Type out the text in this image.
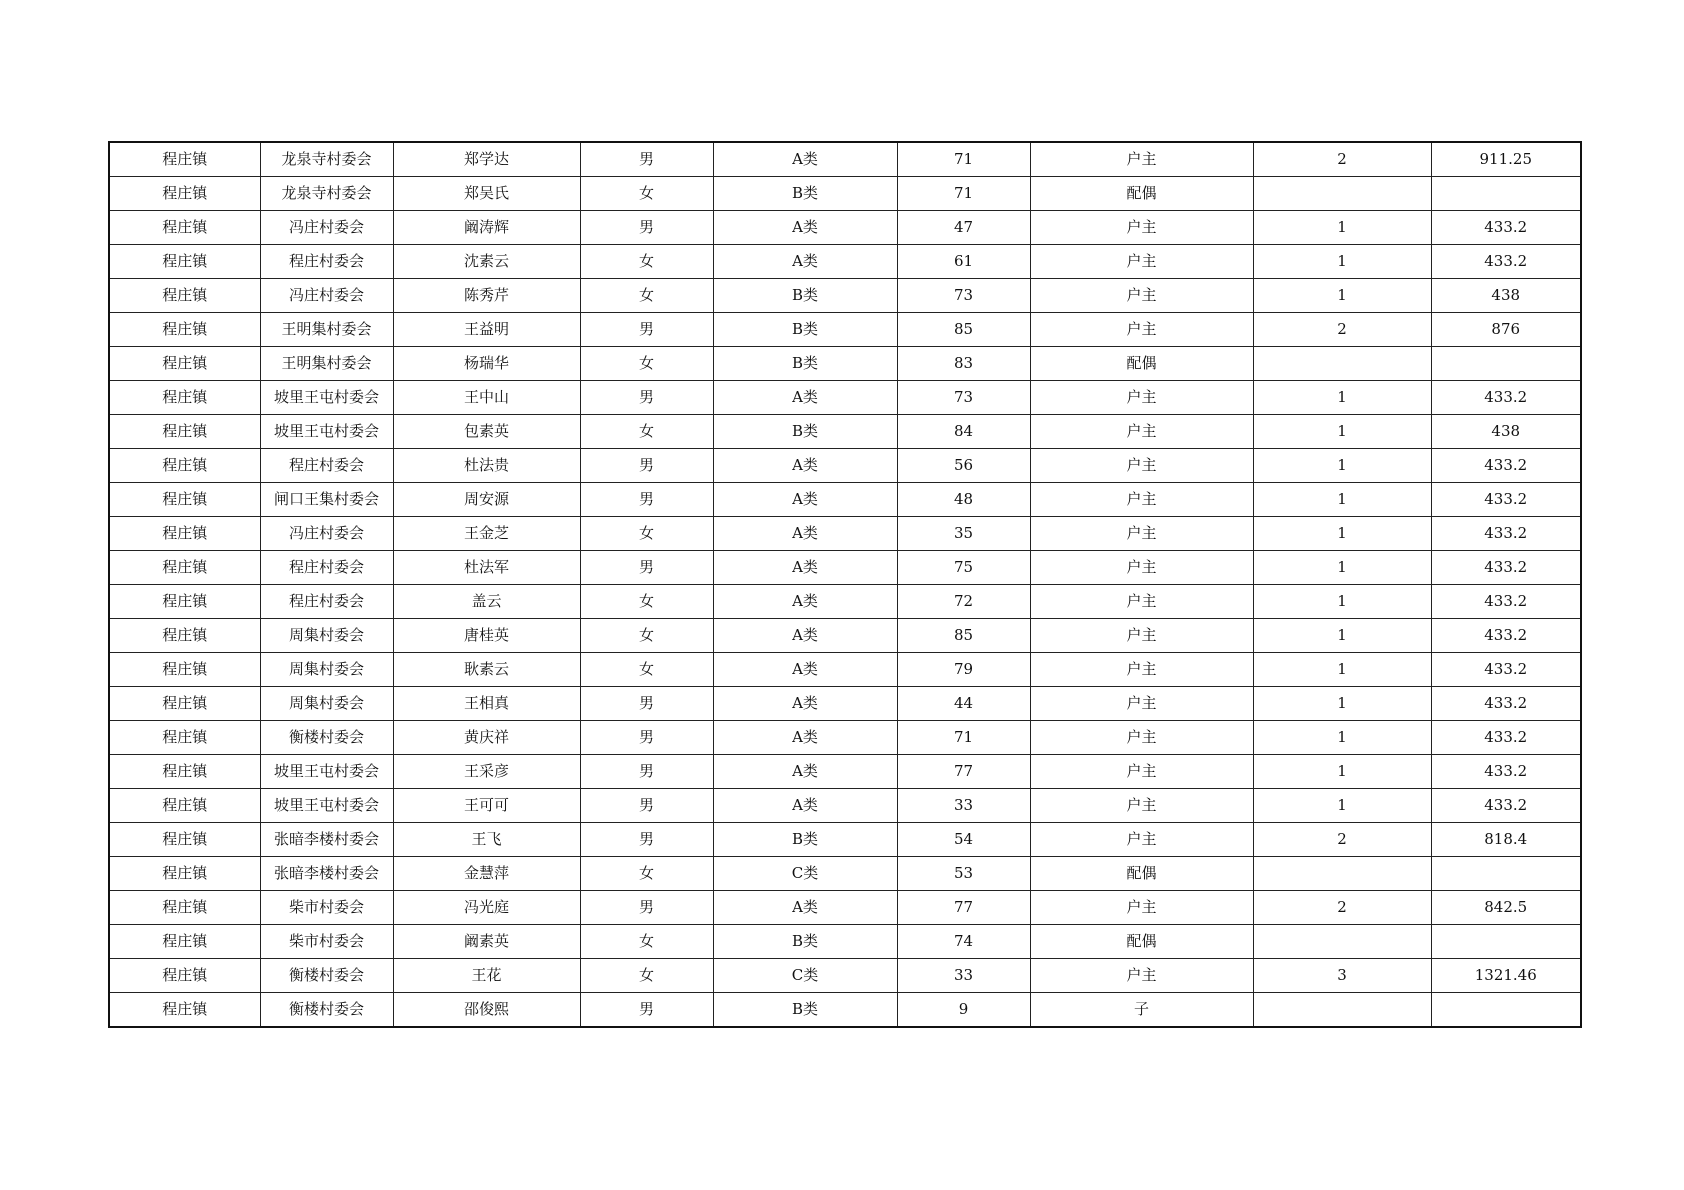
程庄镇	龙泉寺村委会	郑学达	男	A类	71	户主	2	911.25
程庄镇	龙泉寺村委会	郑吴氏	女	B类	71	配偶		
程庄镇	冯庄村委会	阚涛辉	男	A类	47	户主	1	433.2
程庄镇	程庄村委会	沈素云	女	A类	61	户主	1	433.2
程庄镇	冯庄村委会	陈秀芹	女	B类	73	户主	1	438
程庄镇	王明集村委会	王益明	男	B类	85	户主	2	876
程庄镇	王明集村委会	杨瑞华	女	B类	83	配偶		
程庄镇	坡里王屯村委会	王中山	男	A类	73	户主	1	433.2
程庄镇	坡里王屯村委会	包素英	女	B类	84	户主	1	438
程庄镇	程庄村委会	杜法贵	男	A类	56	户主	1	433.2
程庄镇	闸口王集村委会	周安源	男	A类	48	户主	1	433.2
程庄镇	冯庄村委会	王金芝	女	A类	35	户主	1	433.2
程庄镇	程庄村委会	杜法军	男	A类	75	户主	1	433.2
程庄镇	程庄村委会	盖云	女	A类	72	户主	1	433.2
程庄镇	周集村委会	唐桂英	女	A类	85	户主	1	433.2
程庄镇	周集村委会	耿素云	女	A类	79	户主	1	433.2
程庄镇	周集村委会	王相真	男	A类	44	户主	1	433.2
程庄镇	衡楼村委会	黄庆祥	男	A类	71	户主	1	433.2
程庄镇	坡里王屯村委会	王采彦	男	A类	77	户主	1	433.2
程庄镇	坡里王屯村委会	王可可	男	A类	33	户主	1	433.2
程庄镇	张暗李楼村委会	王飞	男	B类	54	户主	2	818.4
程庄镇	张暗李楼村委会	金慧萍	女	C类	53	配偶		
程庄镇	柴市村委会	冯光庭	男	A类	77	户主	2	842.5
程庄镇	柴市村委会	阚素英	女	B类	74	配偶		
程庄镇	衡楼村委会	王花	女	C类	33	户主	3	1321.46
程庄镇	衡楼村委会	邵俊熙	男	B类	9	子		
